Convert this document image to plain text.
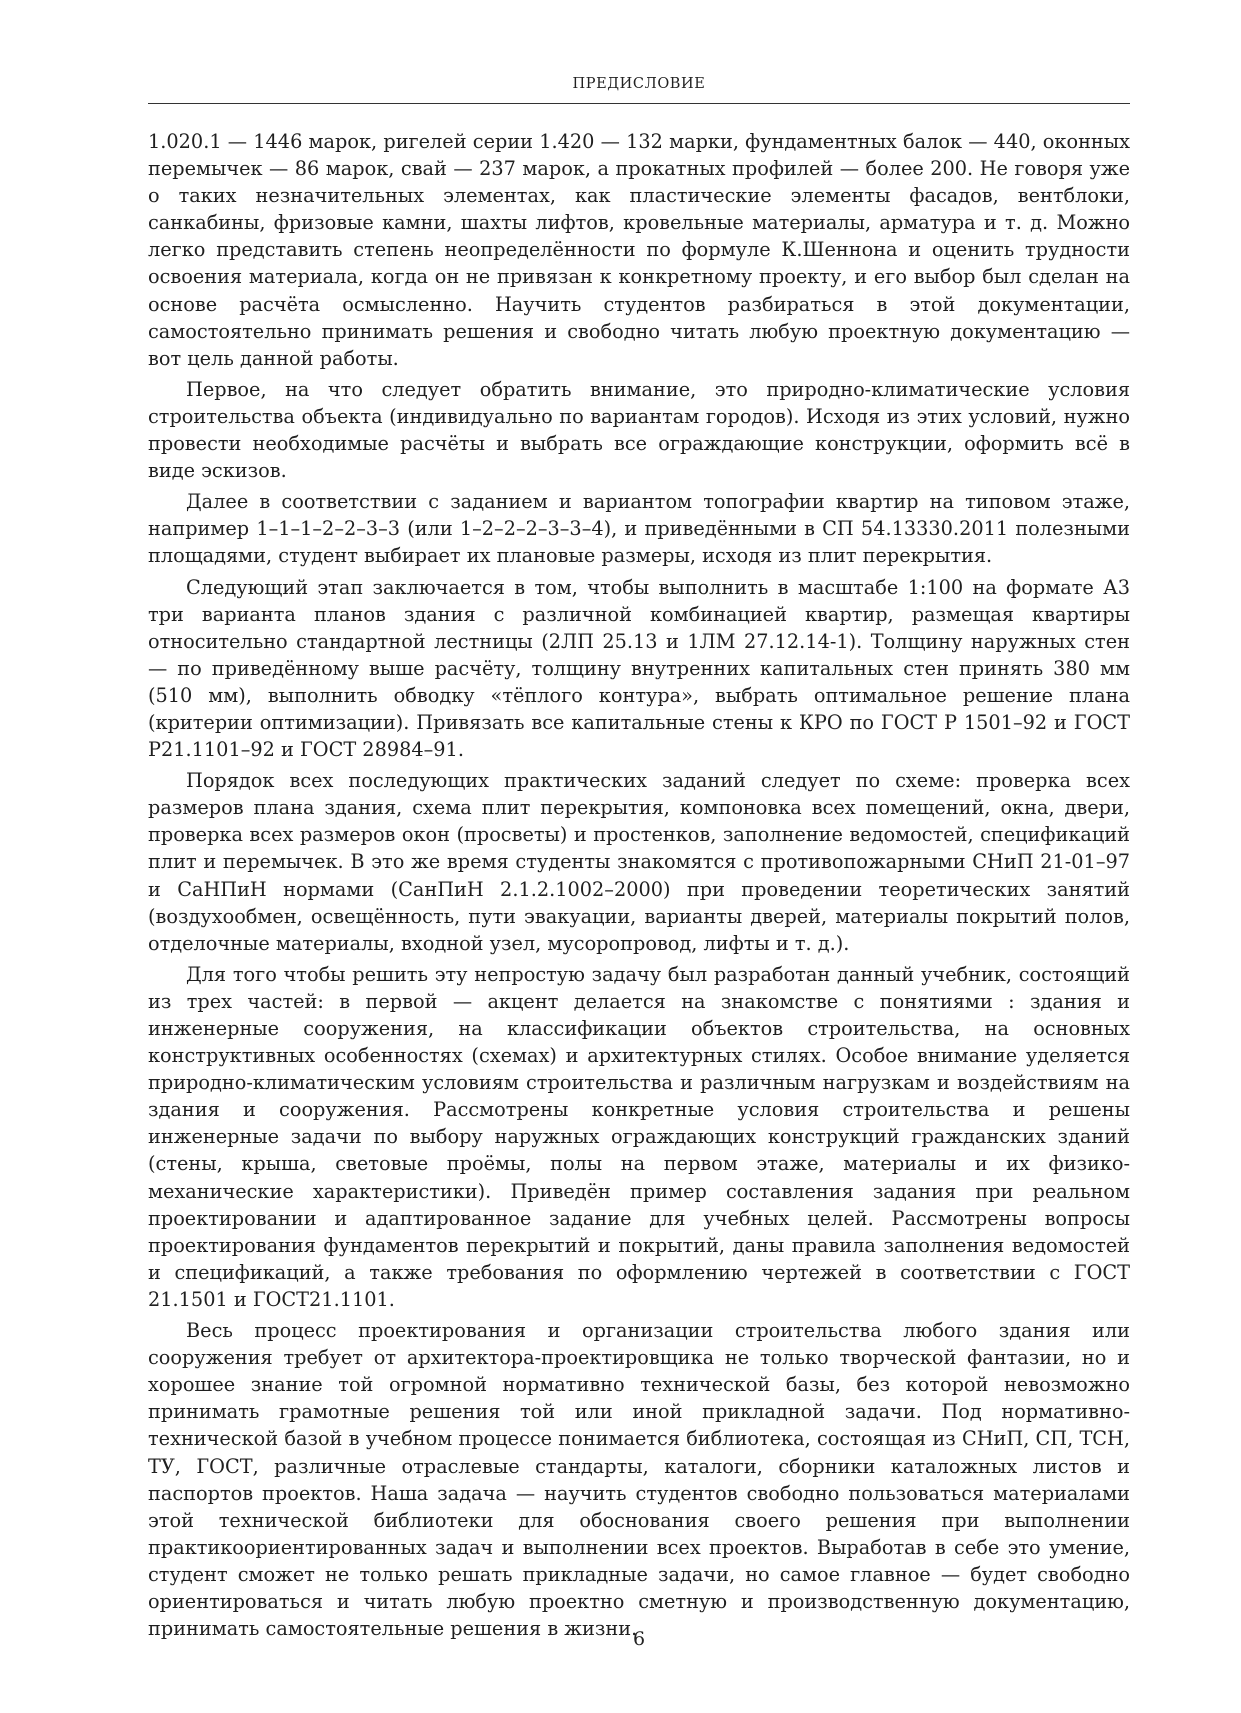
ПРЕДИСЛОВИЕ

1.020.1 — 1446 марок, ригелей серии 1.420 — 132 марки, фундаментных балок — 440, оконных перемычек — 86 марок, свай — 237 марок, а прокатных профилей — более 200. Не говоря уже о таких незначительных элементах, как пластические элементы фасадов, вентблоки, санкабины, фризовые камни, шахты лифтов, кровельные материалы, арматура и т. д. Можно легко представить степень неопределённости по формуле К.Шеннона и оценить трудности освоения материала, когда он не привязан к конкретному проекту, и его выбор был сделан на основе расчёта осмысленно. Научить студентов разбираться в этой документации, самостоятельно принимать решения и свободно читать любую проектную документацию — вот цель данной работы.

Первое, на что следует обратить внимание, это природно-климатические условия строительства объекта (индивидуально по вариантам городов). Исходя из этих условий, нужно провести необходимые расчёты и выбрать все ограждающие конструкции, оформить всё в виде эскизов.

Далее в соответствии с заданием и вариантом топографии квартир на типовом этаже, например 1–1–1–2–2–3–3 (или 1–2–2–2–3–3–4), и приведёнными в СП 54.13330.2011 полезными площадями, студент выбирает их плановые размеры, исходя из плит перекрытия.

Следующий этап заключается в том, чтобы выполнить в масштабе 1:100 на формате А3 три варианта планов здания с различной комбинацией квартир, размещая квартиры относительно стандартной лестницы (2ЛП 25.13 и 1ЛМ 27.12.14-1). Толщину наружных стен — по приведённому выше расчёту, толщину внутренних капитальных стен принять 380 мм (510 мм), выполнить обводку «тёплого контура», выбрать оптимальное решение плана (критерии оптимизации). Привязать все капитальные стены к КРО по ГОСТ Р 1501–92 и ГОСТ Р21.1101–92 и ГОСТ 28984–91.

Порядок всех последующих практических заданий следует по схеме: проверка всех размеров плана здания, схема плит перекрытия, компоновка всех помещений, окна, двери, проверка всех размеров окон (просветы) и простенков, заполнение ведомостей, спецификаций плит и перемычек. В это же время студенты знакомятся с противопожарными СНиП 21-01–97 и СаНПиН нормами (СанПиН 2.1.2.1002–2000) при проведении теоретических занятий (воздухообмен, освещённость, пути эвакуации, варианты дверей, материалы покрытий полов, отделочные материалы, входной узел, мусоропровод, лифты и т. д.).

Для того чтобы решить эту непростую задачу был разработан данный учебник, состоящий из трех частей: в первой — акцент делается на знакомстве с понятиями : здания и инженерные сооружения, на классификации объектов строительства, на основных конструктивных особенностях (схемах) и архитектурных стилях. Особое внимание уделяется природно-климатическим условиям строительства и различным нагрузкам и воздействиям на здания и сооружения. Рассмотрены конкретные условия строительства и решены инженерные задачи по выбору наружных ограждающих конструкций гражданских зданий (стены, крыша, световые проёмы, полы на первом этаже, материалы и их физико-механические характеристики). Приведён пример составления задания при реальном проектировании и адаптированное задание для учебных целей. Рассмотрены вопросы проектирования фундаментов перекрытий и покрытий, даны правила заполнения ведомостей и спецификаций, а также требования по оформлению чертежей в соответствии с ГОСТ 21.1501 и ГОСТ21.1101.

Весь процесс проектирования и организации строительства любого здания или сооружения требует от архитектора-проектировщика не только творческой фантазии, но и хорошее знание той огромной нормативно технической базы, без которой невозможно принимать грамотные решения той или иной прикладной задачи. Под нормативно-технической базой в учебном процессе понимается библиотека, состоящая из СНиП, СП, ТСН, ТУ, ГОСТ, различные отраслевые стандарты, каталоги, сборники каталожных листов и паспортов проектов. Наша задача — научить студентов свободно пользоваться материалами этой технической библиотеки для обоснования своего решения при выполнении практикоориентированных задач и выполнении всех проектов. Выработав в себе это умение, студент сможет не только решать прикладные задачи, но самое главное — будет свободно ориентироваться и читать любую проектно сметную и производственную документацию, принимать самостоятельные решения в жизни.

6
